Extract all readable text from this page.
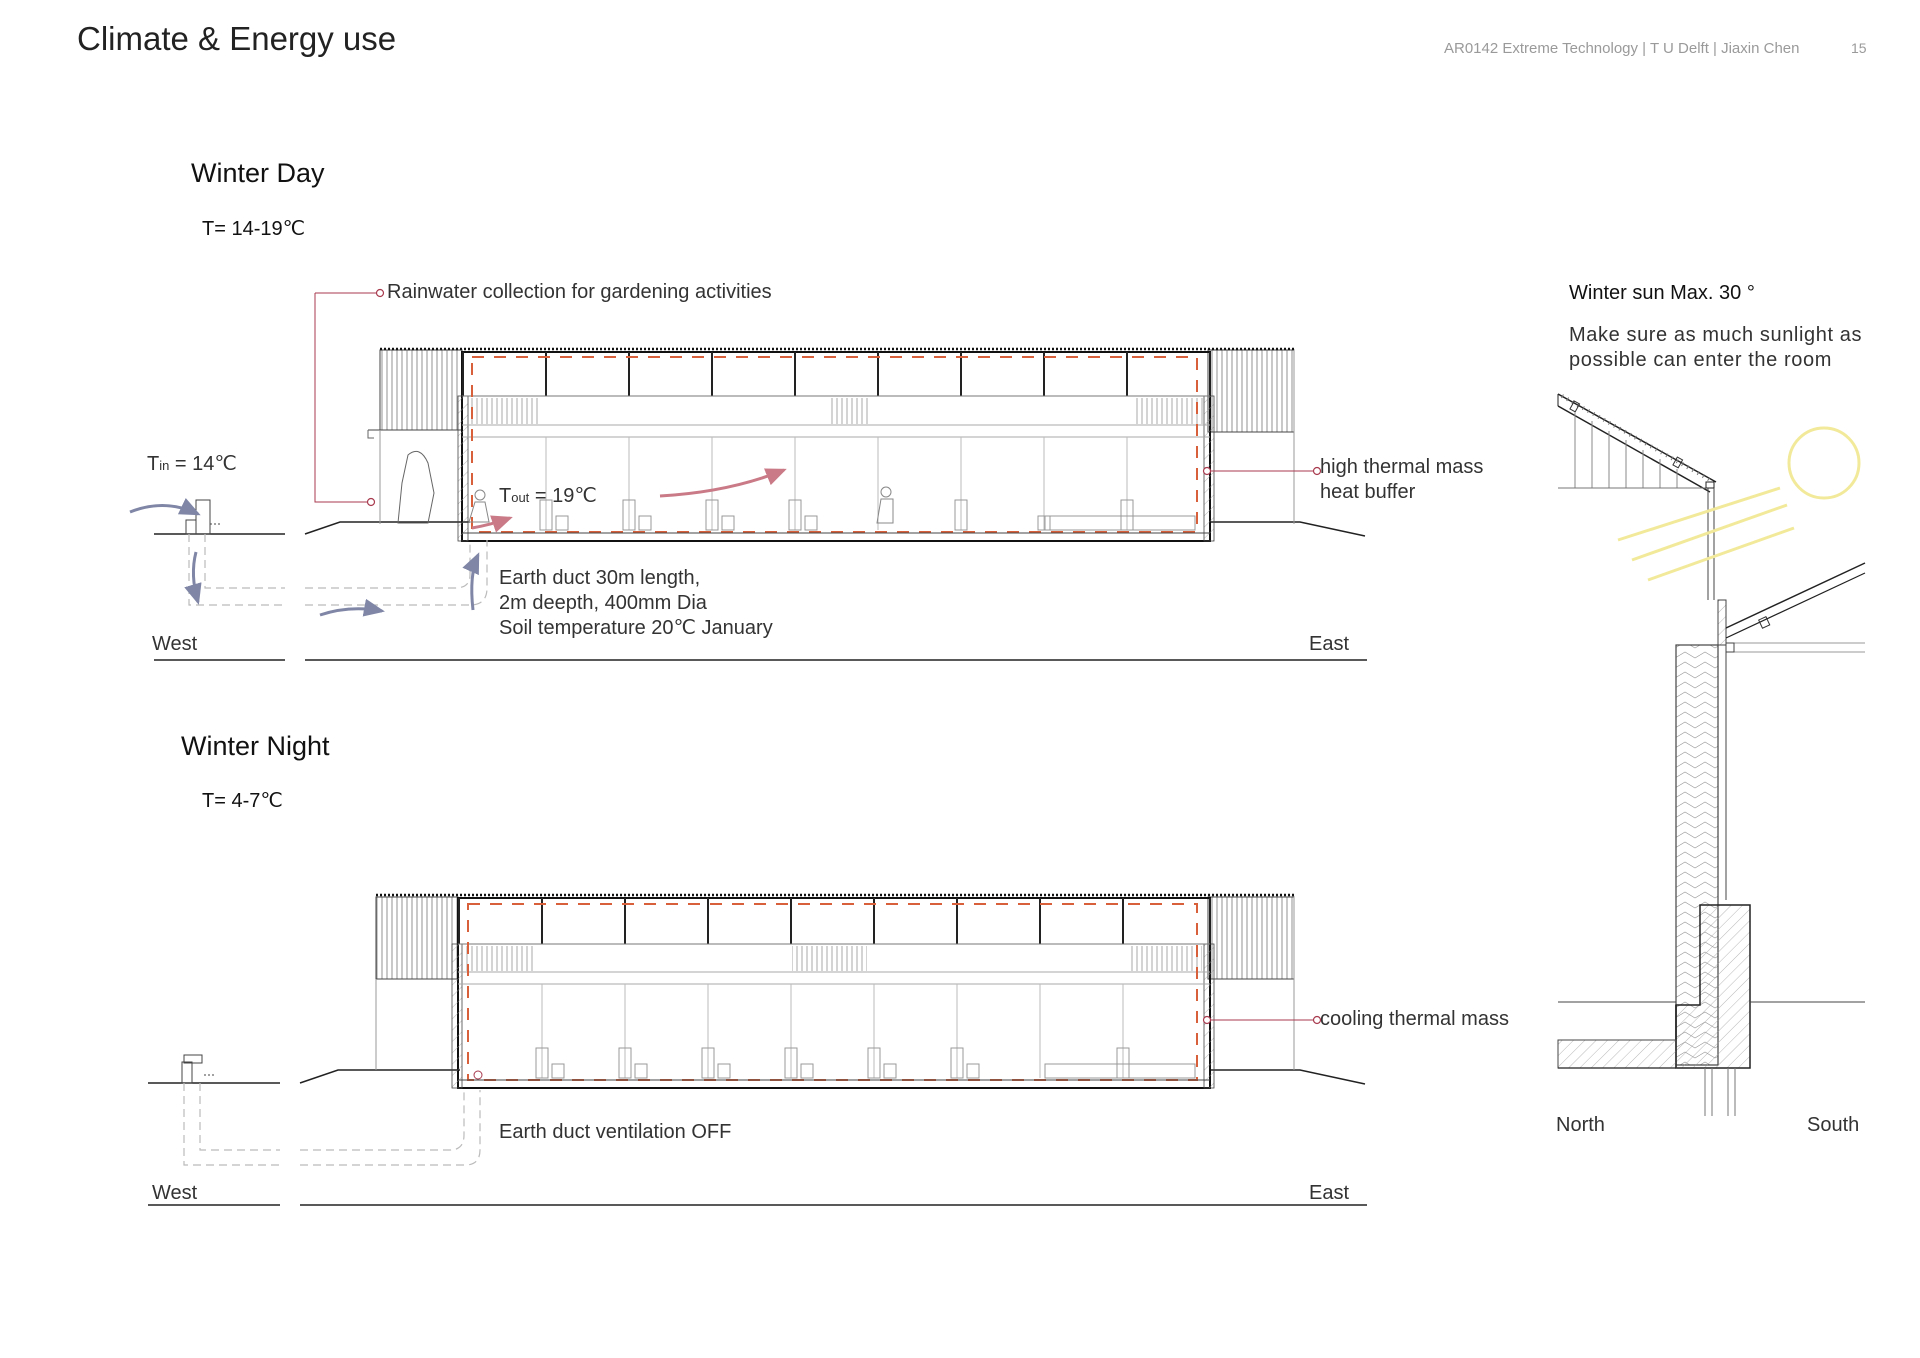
Climate & Energy use	AR0142 Extreme Technology | T U Delft | Jiaxin Chen	15
Winter Day
T= 14-19℃
Rainwater collection for gardening activities
Tin = 14℃
Tout = 19℃
high thermal mass
heat buffer
Earth duct 30m length,
2m deepth, 400mm Dia
Soil temperature 20℃ January
West	East
Winter Night
T= 4-7℃
cooling thermal mass
Earth duct ventilation OFF
West	East
Winter sun Max. 30 °
Make sure as much sunlight as
possible can enter the room
North	South
